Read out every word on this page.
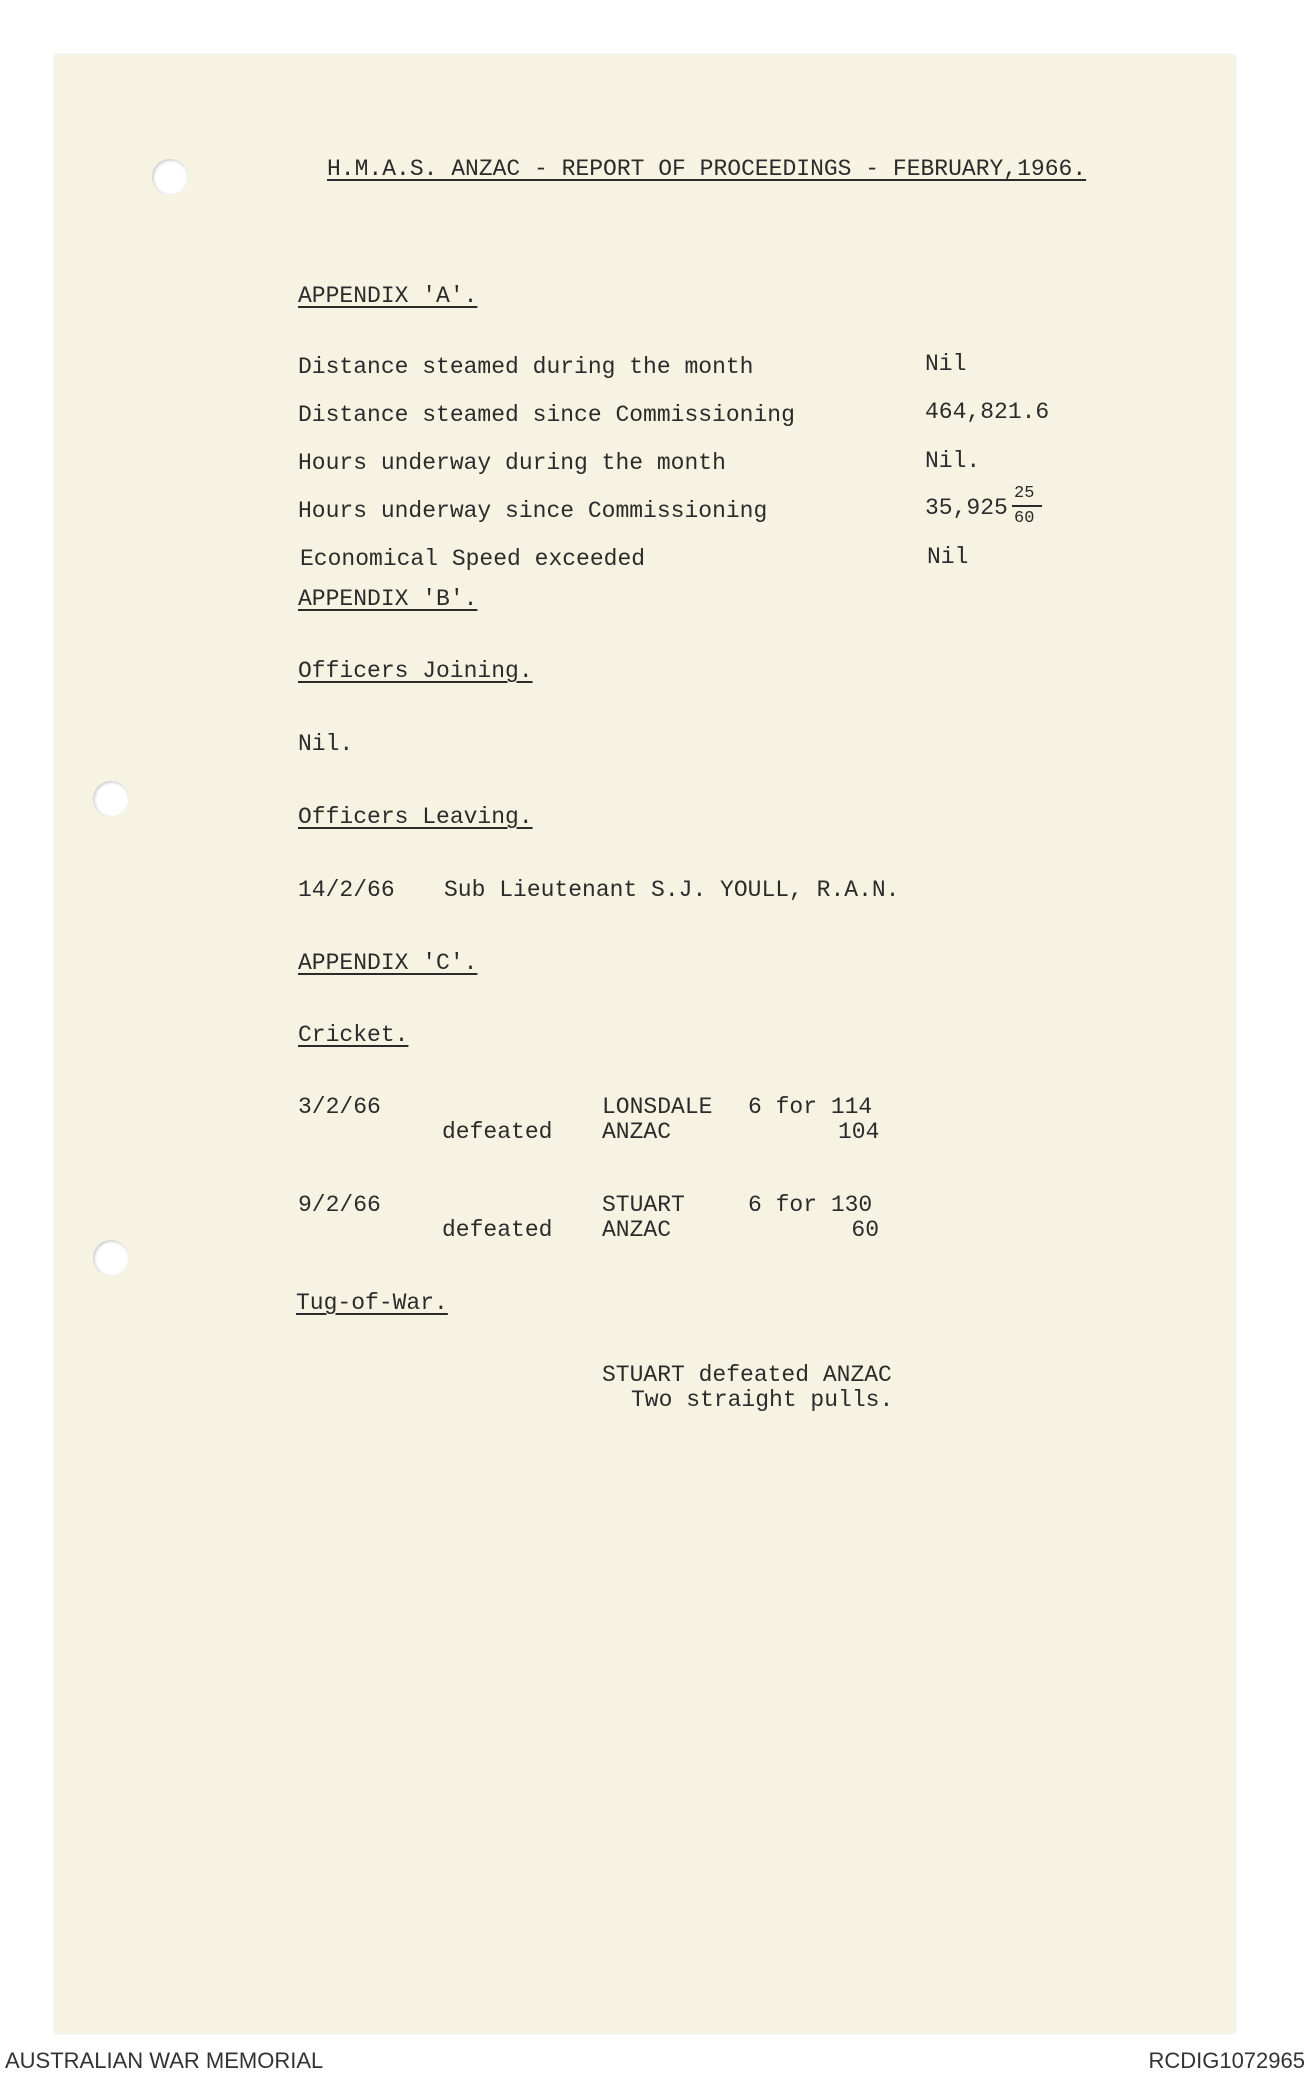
H.M.A.S. ANZAC - REPORT OF PROCEEDINGS - FEBRUARY,1966.
APPENDIX 'A'.
Distance steamed during the month	Nil
Distance steamed since Commissioning	464,821.6
Hours underway during the month	Nil.
Hours underway since Commissioning	35,925
25
60
Economical Speed exceeded	Nil
APPENDIX 'B'.
Officers Joining.
Nil.
Officers Leaving.
14/2/66 Sub Lieutenant S.J. YOULL, R.A.N.
APPENDIX 'C'.
Cricket.
3/2/66	LONSDALE 6 for 114
defeated ANZAC	104
9/2/66	STUART	6 for 130
defeated ANZAC	60
Tug-of-War.
STUART defeated ANZAC
Two straight pulls.
AUSTRALIAN WAR MEMORIAL	RCDIG1072965
